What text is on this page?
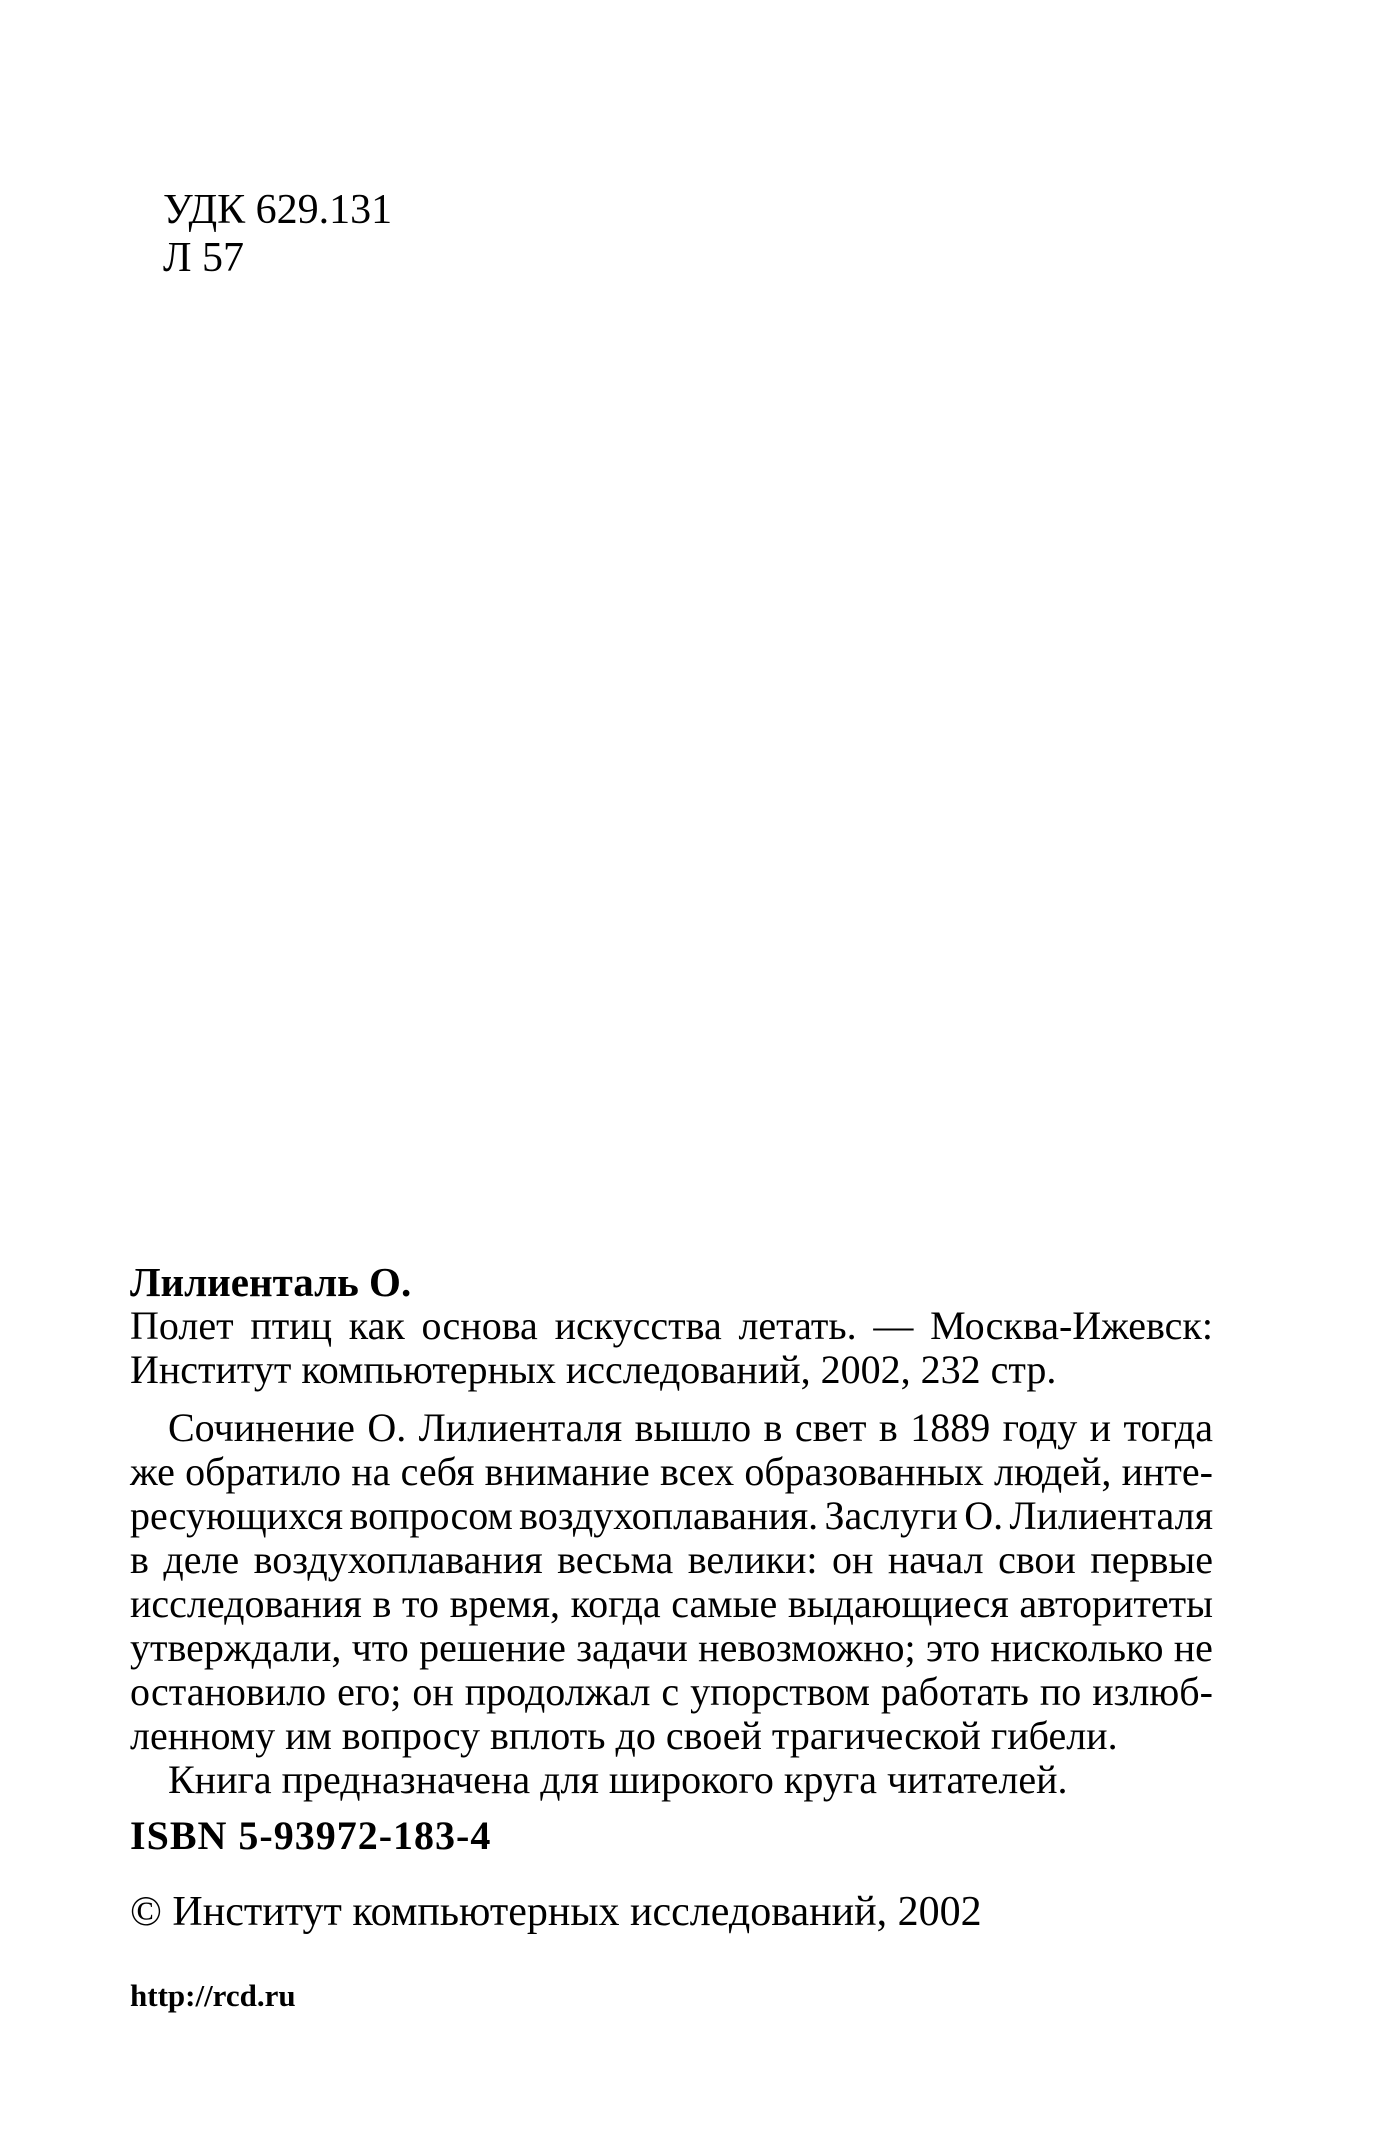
УДК 629.131
Л 57
Лилиенталь О.
Полет птиц как основа искусства летать. — Москва-Ижевск:
Институт компьютерных исследований, 2002, 232 стр.
Сочинение О. Лилиенталя вышло в свет в 1889 году и тогда
же обратило на себя внимание всех образованных людей, инте-
ресующихся вопросом воздухоплавания. Заслуги О. Лилиенталя
в деле воздухоплавания весьма велики: он начал свои первые
исследования в то время, когда самые выдающиеся авторитеты
утверждали, что решение задачи невозможно; это нисколько не
остановило его; он продолжал с упорством работать по излюб-
ленному им вопросу вплоть до своей трагической гибели.
Книга предназначена для широкого круга читателей.
ISBN 5-93972-183-4
© Институт компьютерных исследований, 2002
http://rcd.ru
